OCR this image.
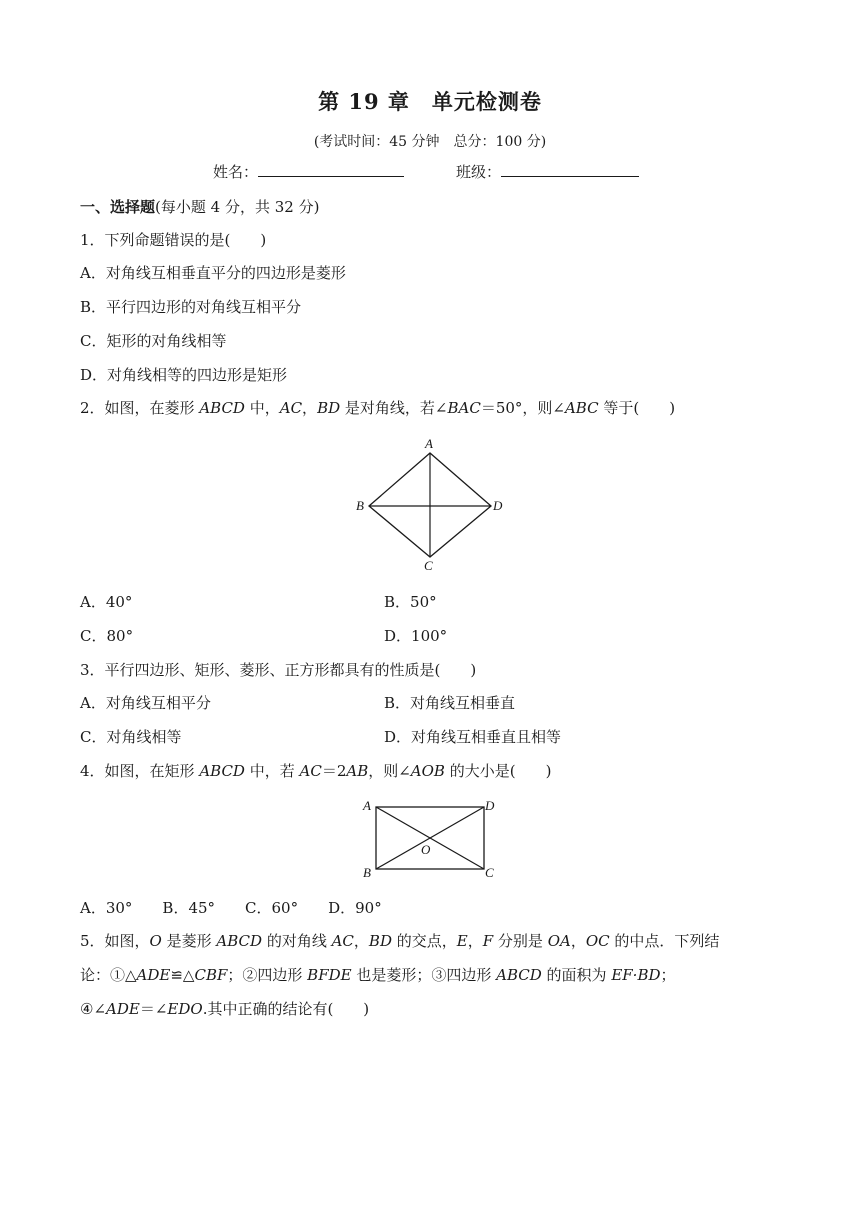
第 19 章　单元检测卷
(考试时间：45 分钟　总分：100 分)
姓名：	班级：
一、选择题(每小题 4 分，共 32 分)
1．下列命题错误的是(　　)
A．对角线互相垂直平分的四边形是菱形
B．平行四边形的对角线互相平分
C．矩形的对角线相等
D．对角线相等的四边形是矩形
2．如图，在菱形 ABCD 中，AC，BD 是对角线，若∠BAC＝50°，则∠ABC 等于(　　)
A
B
C
D
A．40°	B．50°
C．80°	D．100°
3．平行四边形、矩形、菱形、正方形都具有的性质是(　　)
A．对角线互相平分	B．对角线互相垂直
C．对角线相等	D．对角线互相垂直且相等
4．如图，在矩形 ABCD 中，若 AC＝2AB，则∠AOB 的大小是(　　)
A	D
B	C
O
A．30°　　B．45°　　C．60°　　D．90°
5．如图，O 是菱形 ABCD 的对角线 AC，BD 的交点，E，F 分别是 OA，OC 的中点．下列结
论：①△ADE≌△CBF；②四边形 BFDE 也是菱形；③四边形 ABCD 的面积为 EF·BD；
④∠ADE＝∠EDO.其中正确的结论有(　　)
